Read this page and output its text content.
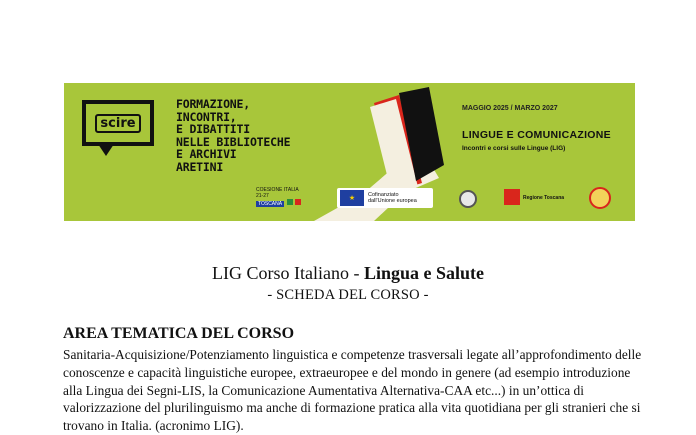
scire
FORMAZIONE,
INCONTRI,
E DIBATTITI
NELLE BIBLIOTECHE
E ARCHIVI
ARETINI
MAGGIO 2025 / MARZO 2027
LINGUE E COMUNICAZIONE
Incontri e corsi sulle Lingue (LIG)
COESIONE ITALIA 21-27
TOSCANA
★	Cofinanziato
dall'Unione europea	Regione Toscana
LIG Corso Italiano - Lingua e Salute
- SCHEDA DEL CORSO -
AREA TEMATICA DEL CORSO
Sanitaria-Acquisizione/Potenziamento linguistica e competenze trasversali legate all’approfondimento delle conoscenze e capacità linguistiche europee, extraeuropee e del mondo in genere (ad esempio introduzione alla Lingua dei Segni-LIS, la Comunicazione Aumentativa Alternativa-CAA etc...) in un’ottica di valorizzazione del plurilinguismo ma anche di formazione pratica alla vita quotidiana per gli stranieri che si trovano in Italia. (acronimo LIG).
